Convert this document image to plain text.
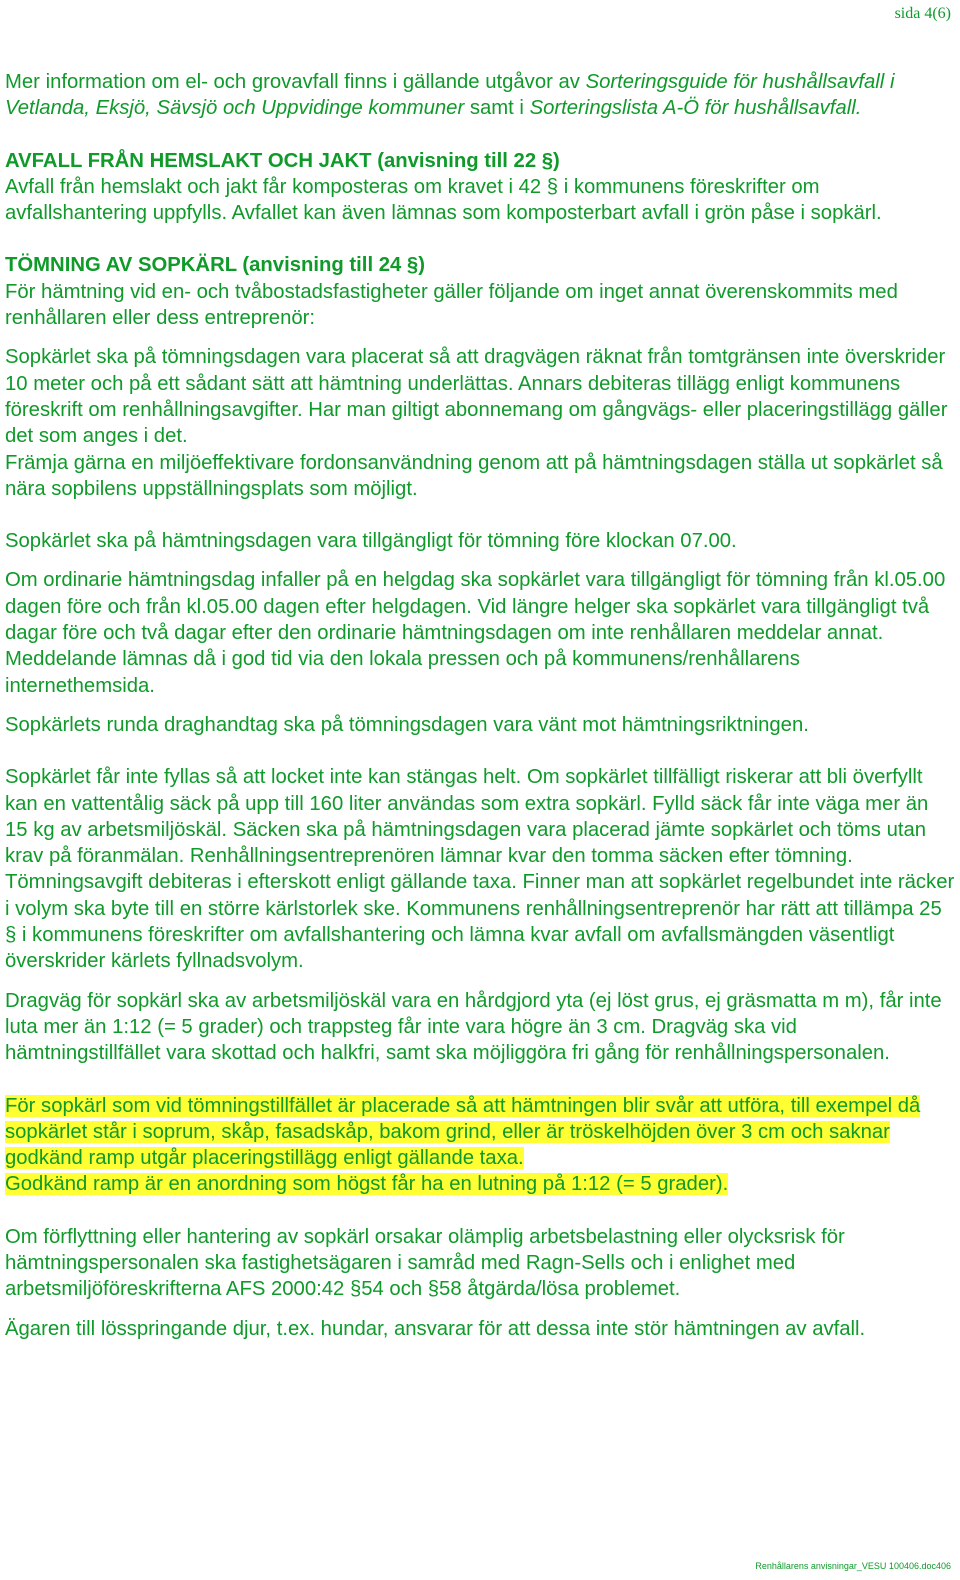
sida 4(6)

Mer information om el- och grovavfall finns i gällande utgåvor av Sorteringsguide för hushållsavfall i Vetlanda, Eksjö, Sävsjö och Uppvidinge kommuner samt i Sorteringslista A-Ö för hushållsavfall.

AVFALL FRÅN HEMSLAKT OCH JAKT (anvisning till 22 §)

Avfall från hemslakt och jakt får komposteras om kravet i 42 § i kommunens föreskrifter om avfallshantering uppfylls. Avfallet kan även lämnas som komposterbart avfall i grön påse i sopkärl.

TÖMNING AV SOPKÄRL (anvisning till 24 §)

För hämtning vid en- och tvåbostadsfastigheter gäller följande om inget annat överenskommits med renhållaren eller dess entreprenör:

Sopkärlet ska på tömningsdagen vara placerat så att dragvägen räknat från tomtgränsen inte överskrider 10 meter och på ett sådant sätt att hämtning underlättas. Annars debiteras tillägg enligt kommunens föreskrift om renhållningsavgifter. Har man giltigt abonnemang om gångvägs- eller placeringstillägg gäller det som anges i det.

Främja gärna en miljöeffektivare fordonsanvändning genom att på hämtningsdagen ställa ut sopkärlet så nära sopbilens uppställningsplats som möjligt.

Sopkärlet ska på hämtningsdagen vara tillgängligt för tömning före klockan 07.00.

Om ordinarie hämtningsdag infaller på en helgdag ska sopkärlet vara tillgängligt för tömning från kl.05.00 dagen före och från kl.05.00 dagen efter helgdagen. Vid längre helger ska sopkärlet vara tillgängligt två dagar före och två dagar efter den ordinarie hämtningsdagen om inte renhållaren meddelar annat. Meddelande lämnas då i god tid via den lokala pressen och på kommunens/renhållarens internethemsida.

Sopkärlets runda draghandtag ska på tömningsdagen vara vänt mot hämtningsriktningen.

Sopkärlet får inte fyllas så att locket inte kan stängas helt. Om sopkärlet tillfälligt riskerar att bli överfyllt kan en vattentålig säck på upp till 160 liter användas som extra sopkärl. Fylld säck får inte väga mer än 15 kg av arbetsmiljöskäl. Säcken ska på hämtningsdagen vara placerad jämte sopkärlet och töms utan krav på föranmälan. Renhållningsentreprenören lämnar kvar den tomma säcken efter tömning. Tömningsavgift debiteras i efterskott enligt gällande taxa. Finner man att sopkärlet regelbundet inte räcker i volym ska byte till en större kärlstorlek ske. Kommunens renhållningsentreprenör har rätt att tillämpa 25 § i kommunens föreskrifter om avfallshantering och lämna kvar avfall om avfallsmängden väsentligt överskrider kärlets fyllnadsvolym.

Dragväg för sopkärl ska av arbetsmiljöskäl vara en hårdgjord yta (ej löst grus, ej gräsmatta m m), får inte luta mer än 1:12 (= 5 grader) och trappsteg får inte vara högre än 3 cm. Dragväg ska vid hämtningstillfället vara skottad och halkfri, samt ska möjliggöra fri gång för renhållningspersonalen.

För sopkärl som vid tömningstillfället är placerade så att hämtningen blir svår att utföra, till exempel då sopkärlet står i soprum, skåp, fasadskåp, bakom grind, eller är tröskelhöjden över 3 cm och saknar godkänd ramp utgår placeringstillägg enligt gällande taxa.

Godkänd ramp är en anordning som högst får ha en lutning på 1:12 (= 5 grader).

Om förflyttning eller hantering av sopkärl orsakar olämplig arbetsbelastning eller olycksrisk för hämtningspersonalen ska fastighetsägaren i samråd med Ragn-Sells och i enlighet med arbetsmiljöföreskrifterna AFS 2000:42 §54 och §58 åtgärda/lösa problemet.

Ägaren till lösspringande djur, t.ex. hundar, ansvarar för att dessa inte stör hämtningen av avfall.

Renhållarens anvisningar_VESU 100406.doc406
